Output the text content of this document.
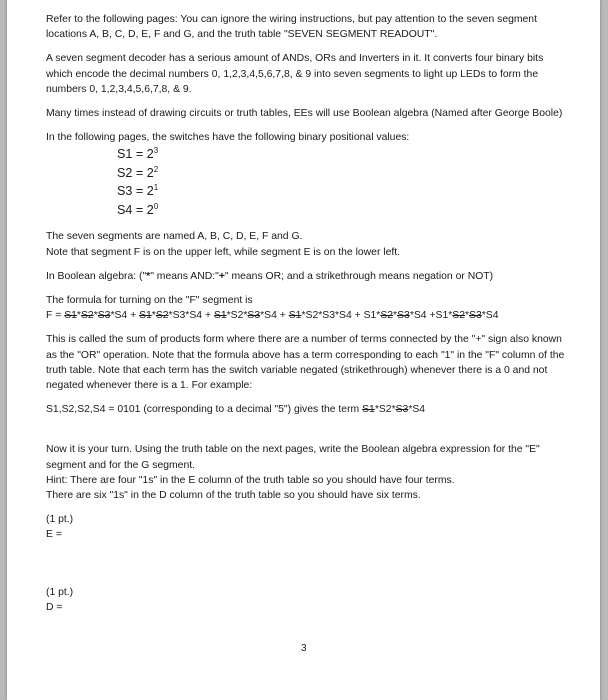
Refer to the following pages: You can ignore the wiring instructions, but pay attention to the seven segment locations A, B, C, D, E, F and G, and the truth table "SEVEN SEGMENT READOUT".

A seven segment decoder has a serious amount of ANDs, ORs and Inverters in it. It converts four binary bits which encode the decimal numbers 0, 1,2,3,4,5,6,7,8, & 9 into seven segments to light up LEDs to form the numbers 0, 1,2,3,4,5,6,7,8, & 9.

Many times instead of drawing circuits or truth tables, EEs will use Boolean algebra (Named after George Boole)

In the following pages, the switches have the following binary positional values:

$S1 = 2^3$
$S2 = 2^2$
$S3 = 2^1$
$S4 = 2^0$

The seven segments are named A, B, C, D, E, F and G.
Note that segment F is on the upper left, while segment E is on the lower left.

In Boolean algebra: ("*" means AND:"+" means OR; and a strikethrough means negation or NOT)

The formula for turning on the "F" segment is
F = S1*S2*S3*S4 + S1*S2*S3*S4 + S1*S2*S3*S4 + S1*S2*S3*S4 + S1*S2*S3*S4 +S1*S2*S3*S4

This is called the sum of products form where there are a number of terms connected by the "+" sign also known as the "OR" operation. Note that the formula above has a term corresponding to each "1" in the "F" column of the truth table. Note that each term has the switch variable negated (strikethrough) whenever there is a 0 and not negated whenever there is a 1. For example:

S1,S2,S2,S4 = 0101 (corresponding to a decimal "5") gives the term S1*S2*S3*S4

Now it is your turn. Using the truth table on the next pages, write the Boolean algebra expression for the "E" segment and for the G segment.

Hint: There are four "1s" in the E column of the truth table so you should have four terms.
There are six "1s" in the D column of the truth table so you should have six terms.

(1 pt.)
E =

(1 pt.)
D =

3
